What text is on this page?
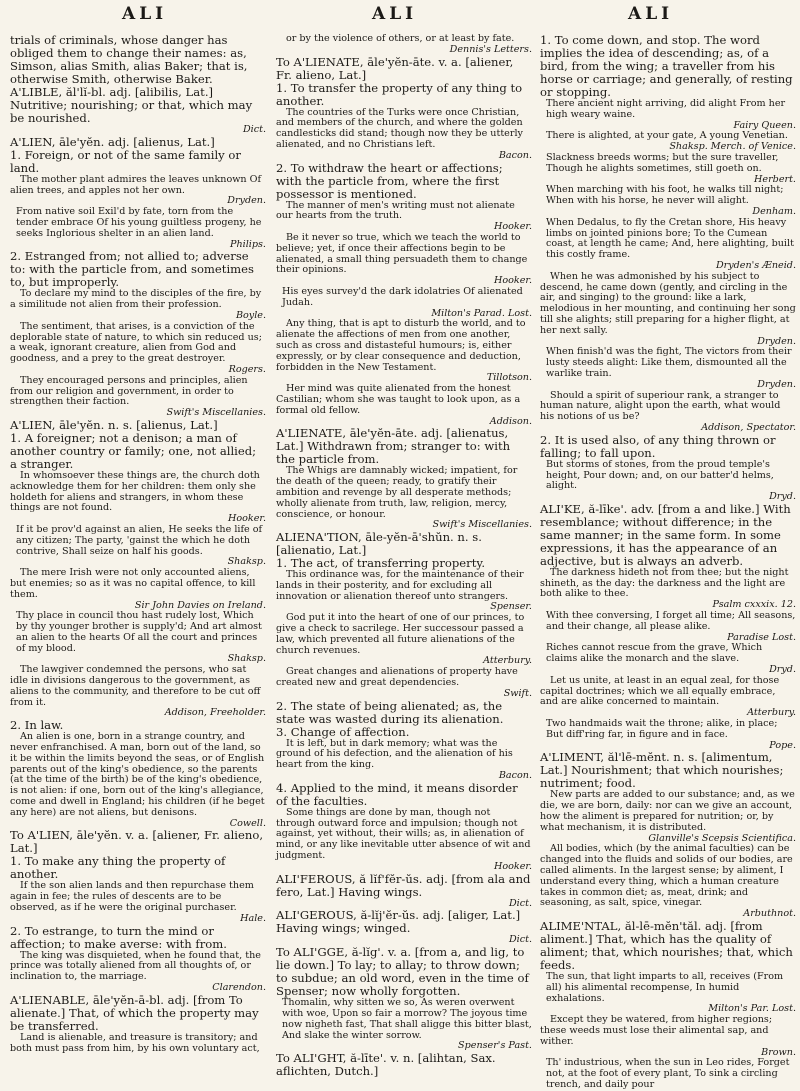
ALI	ALI	ALI

trials of criminals, whose danger has obliged them to change their names: as, Simson, alias Smith, alias Baker; that is, otherwise Smith, otherwise Baker.

A'LIBLE, ăl'lĭ-bl. adj. [alibilis, Lat.] Nutritive; nourishing; or that, which may be nourished.

Dict.

A'LIEN, āle'yĕn. adj. [alienus, Lat.]

1. Foreign, or not of the same family or land.

The mother plant admires the leaves unknown Of alien trees, and apples not her own.

Dryden.

From native soil Exil'd by fate, torn from the tender embrace Of his young guiltless progeny, he seeks Inglorious shelter in an alien land.

Philips.

2. Estranged from; not allied to; adverse to: with the particle from, and sometimes to, but improperly.

To declare my mind to the disciples of the fire, by a similitude not alien from their profession.

Boyle.

The sentiment, that arises, is a conviction of the deplorable state of nature, to which sin reduced us; a weak, ignorant creature, alien from God and goodness, and a prey to the great destroyer.

Rogers.

They encouraged persons and principles, alien from our religion and government, in order to strengthen their faction.

Swift's Miscellanies.

A'LIEN, āle'yĕn. n. s. [alienus, Lat.]

1. A foreigner; not a denison; a man of another country or family; one, not allied; a stranger.

In whomsoever these things are, the church doth acknowledge them for her children: them only she holdeth for aliens and strangers, in whom these things are not found.

Hooker.

If it be prov'd against an alien, He seeks the life of any citizen; The party, 'gainst the which he doth contrive, Shall seize on half his goods.

Shaksp.

The mere Irish were not only accounted aliens, but enemies; so as it was no capital offence, to kill them.

Sir John Davies on Ireland.

Thy place in council thou hast rudely lost, Which by thy younger brother is supply'd; And art almost an alien to the hearts Of all the court and princes of my blood.

Shaksp.

The lawgiver condemned the persons, who sat idle in divisions dangerous to the government, as aliens to the community, and therefore to be cut off from it.

Addison, Freeholder.

2. In law.

An alien is one, born in a strange country, and never enfranchised. A man, born out of the land, so it be within the limits beyond the seas, or of English parents out of the king's obedience, so the parents (at the time of the birth) be of the king's obedience, is not alien: if one, born out of the king's allegiance, come and dwell in England; his children (if he beget any here) are not aliens, but denisons.

Cowell.

To A'LIEN, āle'yĕn. v. a. [aliener, Fr. alieno, Lat.]

1. To make any thing the property of another.

If the son alien lands and then repurchase them again in fee; the rules of descents are to be observed, as if he were the original purchaser.

Hale.

2. To estrange, to turn the mind or affection; to make averse: with from.

The king was disquieted, when he found that, the prince was totally aliened from all thoughts of, or inclination to, the marriage.

Clarendon.

A'LIENABLE, āle'yĕn-ā-bl. adj. [from To alienate.] That, of which the property may be transferred.

Land is alienable, and treasure is transitory; and both must pass from him, by his own voluntary act,

or by the violence of others, or at least by fate.

Dennis's Letters.

To A'LIENATE, āle'yĕn-āte. v. a. [aliener, Fr. alieno, Lat.]

1. To transfer the property of any thing to another.

The countries of the Turks were once Christian, and members of the church, and where the golden candlesticks did stand; though now they be utterly alienated, and no Christians left.

Bacon.

2. To withdraw the heart or affections; with the particle from, where the first possessor is mentioned.

The manner of men's writing must not alienate our hearts from the truth.

Hooker.

Be it never so true, which we teach the world to believe; yet, if once their affections begin to be alienated, a small thing persuadeth them to change their opinions.

Hooker.

His eyes survey'd the dark idolatries Of alienated Judah.

Milton's Parad. Lost.

Any thing, that is apt to disturb the world, and to alienate the affections of men from one another, such as cross and distasteful humours; is, either expressly, or by clear consequence and deduction, forbidden in the New Testament.

Tillotson.

Her mind was quite alienated from the honest Castilian; whom she was taught to look upon, as a formal old fellow.

Addison.

A'LIENATE, āle'yĕn-āte. adj. [alienatus, Lat.] Withdrawn from; stranger to: with the particle from.

The Whigs are damnably wicked; impatient, for the death of the queen; ready, to gratify their ambition and revenge by all desperate methods; wholly alienate from truth, law, religion, mercy, conscience, or honour.

Swift's Miscellanies.

ALIENA'TION, āle-yĕn-ā'shŭn. n. s. [alienatio, Lat.]

1. The act, of transferring property.

This ordinance was, for the maintenance of their lands in their posterity, and for excluding all innovation or alienation thereof unto strangers.

Spenser.

God put it into the heart of one of our princes, to give a check to sacrilege. Her successour passed a law, which prevented all future alienations of the church revenues.

Atterbury.

Great changes and alienations of property have created new and great dependencies.

Swift.

2. The state of being alienated; as, the state was wasted during its alienation.

3. Change of affection.

It is left, but in dark memory; what was the ground of his defection, and the alienation of his heart from the king.

Bacon.

4. Applied to the mind, it means disorder of the faculties.

Some things are done by man, though not through outward force and impulsion; though not against, yet without, their wills; as, in alienation of mind, or any like inevitable utter absence of wit and judgment.

Hooker.

ALI'FEROUS, ă lĭf'fĕr-ŭs. adj. [from ala and fero, Lat.] Having wings.

Dict.

ALI'GEROUS, ă-lĭj'ĕr-ŭs. adj. [aliger, Lat.] Having wings; winged.

Dict.

To ALI'GGE, ă-lĭg'. v. a. [from a, and lig, to lie down.] To lay; to allay; to throw down; to subdue; an old word, even in the time of Spenser; now wholly forgotten.

Thomalin, why sitten we so, As weren overwent with woe, Upon so fair a morrow? The joyous time now nigheth fast, That shall aligge this bitter blast, And slake the winter sorrow.

Spenser's Past.

To ALI'GHT, ă-līte'. v. n. [alihtan, Sax. aflichten, Dutch.]

1. To come down, and stop. The word implies the idea of descending; as, of a bird, from the wing; a traveller from his horse or carriage; and generally, of resting or stopping.

There ancient night arriving, did alight From her high weary waine.

Fairy Queen.

There is alighted, at your gate, A young Venetian.

Shaksp. Merch. of Venice.

Slackness breeds worms; but the sure traveller, Though he alights sometimes, still goeth on.

Herbert.

When marching with his foot, he walks till night; When with his horse, he never will alight.

Denham.

When Dedalus, to fly the Cretan shore, His heavy limbs on jointed pinions bore; To the Cumean coast, at length he came; And, here alighting, built this costly frame.

Dryden's Æneid.

When he was admonished by his subject to descend, he came down (gently, and circling in the air, and singing) to the ground: like a lark, melodious in her mounting, and continuing her song till she alights; still preparing for a higher flight, at her next sally.

Dryden.

When finish'd was the fight, The victors from their lusty steeds alight: Like them, dismounted all the warlike train.

Dryden.

Should a spirit of superiour rank, a stranger to human nature, alight upon the earth, what would his notions of us be?

Addison, Spectator.

2. It is used also, of any thing thrown or falling; to fall upon.

But storms of stones, from the proud temple's height, Pour down; and, on our batter'd helms, alight.

Dryd.

ALI'KE, ă-līke'. adv. [from a and like.] With resemblance; without difference; in the same manner; in the same form. In some expressions, it has the appearance of an adjective, but is always an adverb.

The darkness hideth not from thee; but the night shineth, as the day: the darkness and the light are both alike to thee.

Psalm cxxxix. 12.

With thee conversing, I forget all time; All seasons, and their change, all please alike.

Paradise Lost.

Riches cannot rescue from the grave, Which claims alike the monarch and the slave.

Dryd.

Let us unite, at least in an equal zeal, for those capital doctrines; which we all equally embrace, and are alike concerned to maintain.

Atterbury.

Two handmaids wait the throne; alike, in place; But diff'ring far, in figure and in face.

Pope.

A'LIMENT, ăl'lē-mĕnt. n. s. [alimentum, Lat.] Nourishment; that which nourishes; nutriment; food.

New parts are added to our substance; and, as we die, we are born, daily: nor can we give an account, how the aliment is prepared for nutrition; or, by what mechanism, it is distributed.

Glanville's Scepsis Scientifica.

All bodies, which (by the animal faculties) can be changed into the fluids and solids of our bodies, are called aliments. In the largest sense; by aliment, I understand every thing, which a human creature takes in common diet; as, meat, drink; and seasoning, as salt, spice, vinegar.

Arbuthnot.

ALIME'NTAL, ăl-lē-mĕn'tăl. adj. [from aliment.] That, which has the quality of aliment; that, which nourishes; that, which feeds.

The sun, that light imparts to all, receives (From all) his alimental recompense, In humid exhalations.

Milton's Par. Lost.

Except they be watered, from higher regions; these weeds must lose their alimental sap, and wither.

Brown.

Th' industrious, when the sun in Leo rides, Forget not, at the foot of every plant, To sink a circling trench, and daily pour
